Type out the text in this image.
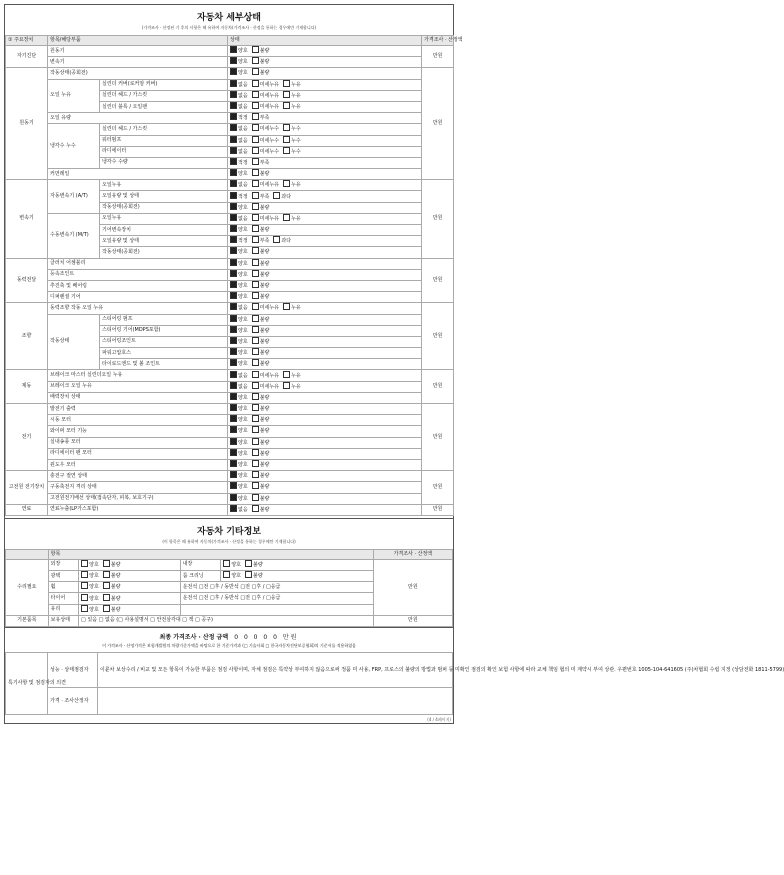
자동차 세부상태
(가격조사 · 산정된 기 후의 사항은 해 유하여 자동차(가격조사 · 산정을 통하는 경우에만 기재합니다)
① 주요장치	항목/해당부품		상태	가격조사 · 산정액
자기진단	원동기		양호 불량	만원
	변속기		양호 불량	
원동기	작동상태(공회전)		양호 불량	만원
	오일 누유	실린더 커버(로커암 커버)	없음 미세누유 누유	
		실린더 헤드 / 가스킷	없음 미세누유 누유	
		실린더 블록 / 오일팬	없음 미세누유 누유	
	오일 유량		적정 부족	
	냉각수 누수	실린더 헤드 / 가스킷	없음 미세누수 누수	
		워터펌프	없음 미세누수 누수	
		라디에이터	없음 미세누수 누수	
		냉각수 수량	적정 부족	
	커먼레일		양호 불량	
변속기	자동변속기 (A/T)	오일누유	없음 미세누유 누유	만원
		오일유량 및 상태	적정 부족 과다	
		작동상태(공회전)	양호 불량	
	수동변속기 (M/T)	오일누유	없음 미세누유 누유	
		기어변속장치	양호 불량	
		오일유량 및 상태	적정 부족 과다	
		작동상태(공회전)	양호 불량	
동력전달	클러치 어셈블리		양호 불량	만원
	등속조인트		양호 불량	
	추진축 및 베어링		양호 불량	
	디퍼렌셜 기어		양호 불량	
조향	동력조향 작동 오일 누유		없음 미세누유 누유	만원
	작동상태	스티어링 펌프	양호 불량	
		스티어링 기어(MDPS포함)	양호 불량	
		스티어링조인트	양호 불량	
		파워고압호스	양호 불량	
		타이로드엔드 및 볼 조인트	양호 불량	
제동	브레이크 마스터 실린더오일 누유		없음 미세누유 누유	만원
	브레이크 오일 누유		없음 미세누유 누유	
	배력장치 상태		양호 불량	
전기	발전기 출력		양호 불량	만원
	시동 모터		양호 불량	
	와이퍼 모터 기능		양호 불량	
	실내송풍 모터		양호 불량	
	라디에이터 팬 모터		양호 불량	
	윈도우 모터		양호 불량	
고전원 전기장치	충전구 절연 상태		양호 불량	만원
	구동축전지 격리 상태		양호 불량	
	고전원전기배선 상태(접속단자, 피복, 보호기구)		양호 불량	
연료	연료누출(LP가스포함)		없음 불량	만원
자동차 기타정보
(이 항목은 해 유하여 자동차(가격조사 · 산정을 통하는 경우에만 기재합니다)
	항목				가격조사 · 산정액
수리필요	외장	양호 불량	내장	양호 불량	만원
	광택	양호 불량	룸 크리닝	양호 불량	
	휠	양호 불량	운전석 □전 □후 / 동반석 □전 □후 / □응급		
	타이어	양호 불량	운전석 □전 □후 / 동반석 □전 □후 / □응급		
	유리	양호 불량			
기본품목	보유상태	□ 있음 □ 없음 (□ 사용설명서 □ 안전삼각대 □ 잭 □ 공구)			만원
최종 가격조사 · 산정 금액 0 0 0 0 0 만원
이 가격조사 · 산정가격은 보험개발원의 차량기준가액을 바탕으로 한 기준가격과 (□ 기술사회 □ 한국자동차진단보증협회)의 기준서를 적용하였음
특기사항 및 점검자의 의견	성능 · 상태점검자	이륜차 보상수리 / 비교 및 모든 항목이 가능한 부품은 점검 사항이며, 자체 점검은 특약상 부여하지 않음으로써 정품 미 사용, FRP, 프로스의 불량의 방법과 범퍼 등 미확인 점검의 확인 보험 사항에 따라 교체 책임 협의 미 계약시 부여 상관. 우편번호 1005-104-641605 (주)차협회 수립 지정 (상담전화 1811-5799)
	가격 · 조사산정자	
(4 / 4페이지)
